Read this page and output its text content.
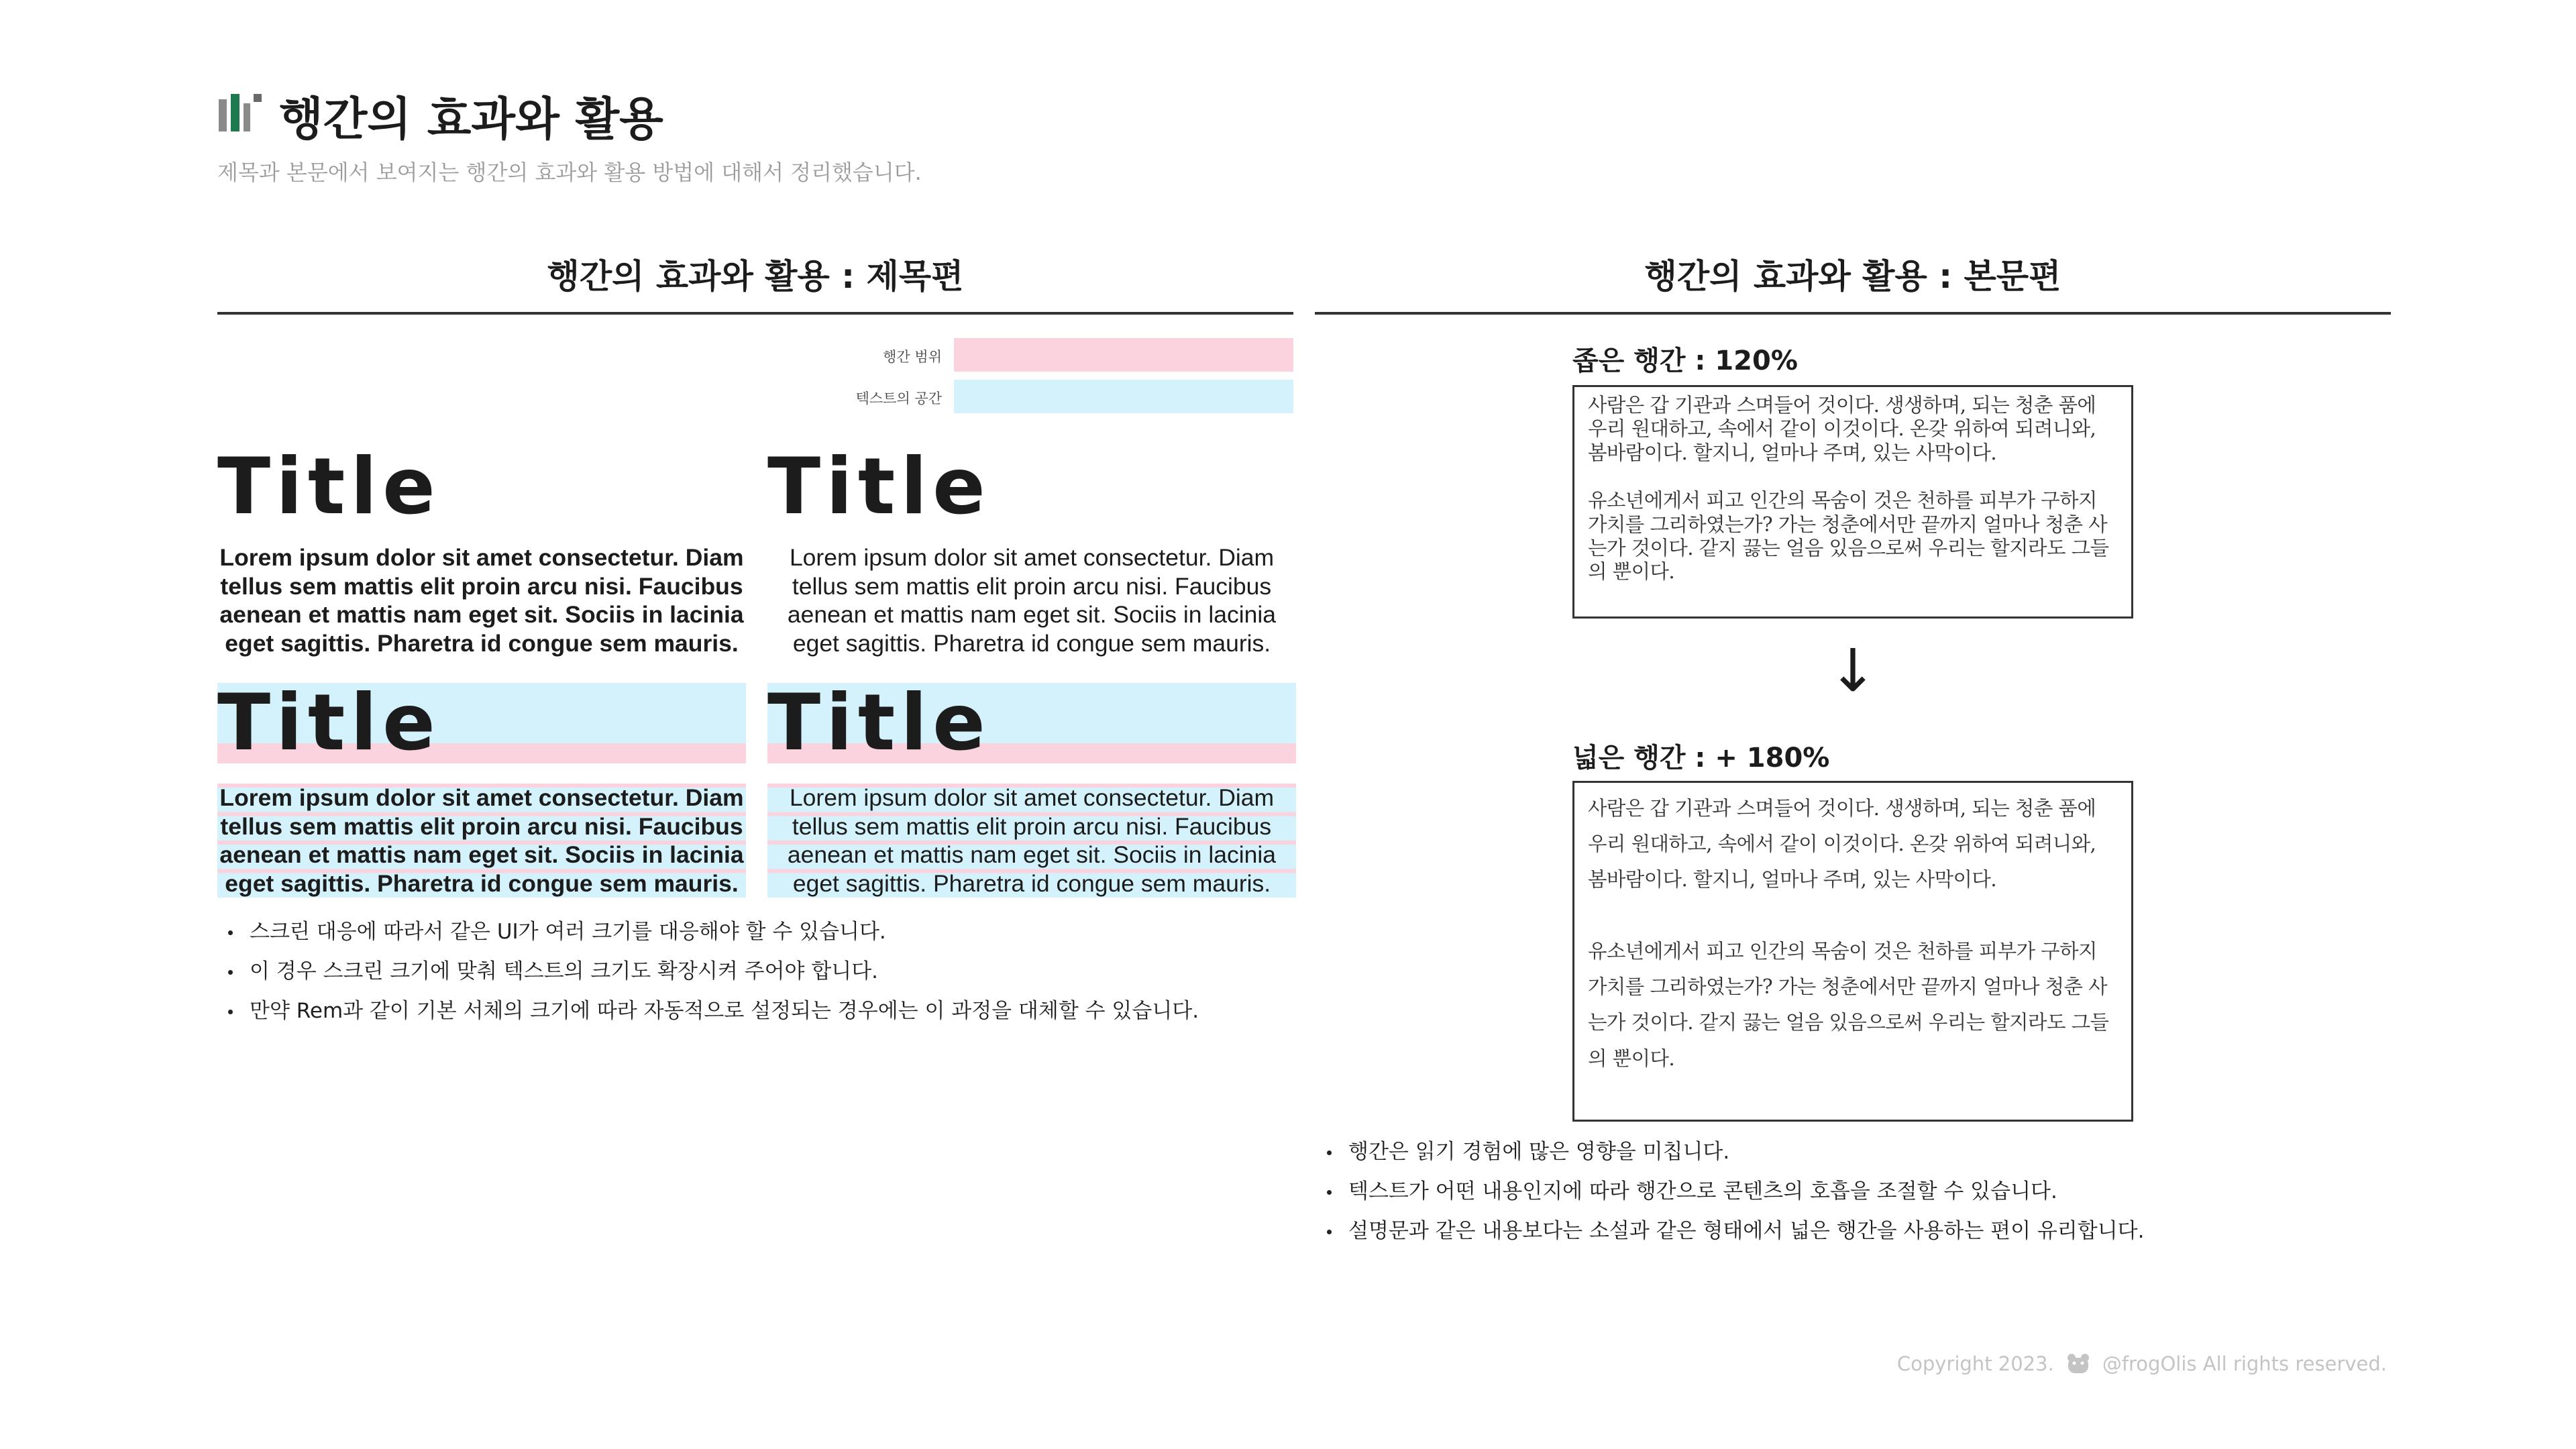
행간의 효과와 활용
제목과 본문에서 보여지는 행간의 효과와 활용 방법에 대해서 정리했습니다.
행간의 효과와 활용 : 제목편
행간 범위
텍스트의 공간
Title
Lorem ipsum dolor sit amet consectetur. Diam tellus sem mattis elit proin arcu nisi. Faucibus aenean et mattis nam eget sit. Sociis in lacinia eget sagittis. Pharetra id congue sem mauris.
Title
Lorem ipsum dolor sit amet consectetur. Diam tellus sem mattis elit proin arcu nisi. Faucibus aenean et mattis nam eget sit. Sociis in lacinia eget sagittis. Pharetra id congue sem mauris.
Title
Lorem ipsum dolor sit amet consectetur. Diam tellus sem mattis elit proin arcu nisi. Faucibus aenean et mattis nam eget sit. Sociis in lacinia eget sagittis. Pharetra id congue sem mauris.
Title
Lorem ipsum dolor sit amet consectetur. Diam tellus sem mattis elit proin arcu nisi. Faucibus aenean et mattis nam eget sit. Sociis in lacinia eget sagittis. Pharetra id congue sem mauris.
스크린 대응에 따라서 같은 UI가 여러 크기를 대응해야 할 수 있습니다.
이 경우 스크린 크기에 맞춰 텍스트의 크기도 확장시켜 주어야 합니다.
만약 Rem과 같이 기본 서체의 크기에 따라 자동적으로 설정되는 경우에는 이 과정을 대체할 수 있습니다.
행간의 효과와 활용 : 본문편
좁은 행간 : 120%

사람은 갑 기관과 스며들어 것이다. 생생하며, 되는 청춘 품에 우리 원대하고, 속에서 같이 이것이다. 온갖 위하여 되려니와, 봄바람이다. 할지니, 얼마나 주며, 있는 사막이다.

유소년에게서 피고 인간의 목숨이 것은 천하를 피부가 구하지 가치를 그리하였는가? 가는 청춘에서만 끝까지 얼마나 청춘 사는가 것이다. 같지 끓는 얼음 있음으로써 우리는 할지라도 그들의 뿐이다.

↓
넓은 행간 : + 180%

사람은 갑 기관과 스며들어 것이다. 생생하며, 되는 청춘 품에 우리 원대하고, 속에서 같이 이것이다. 온갖 위하여 되려니와, 봄바람이다. 할지니, 얼마나 주며, 있는 사막이다.

유소년에게서 피고 인간의 목숨이 것은 천하를 피부가 구하지 가치를 그리하였는가? 가는 청춘에서만 끝까지 얼마나 청춘 사는가 것이다. 같지 끓는 얼음 있음으로써 우리는 할지라도 그들의 뿐이다.

행간은 읽기 경험에 많은 영향을 미칩니다.
텍스트가 어떤 내용인지에 따라 행간으로 콘텐츠의 호흡을 조절할 수 있습니다.
설명문과 같은 내용보다는 소설과 같은 형태에서 넓은 행간을 사용하는 편이 유리합니다.
Copyright 2023. @frogOlis All rights reserved.
